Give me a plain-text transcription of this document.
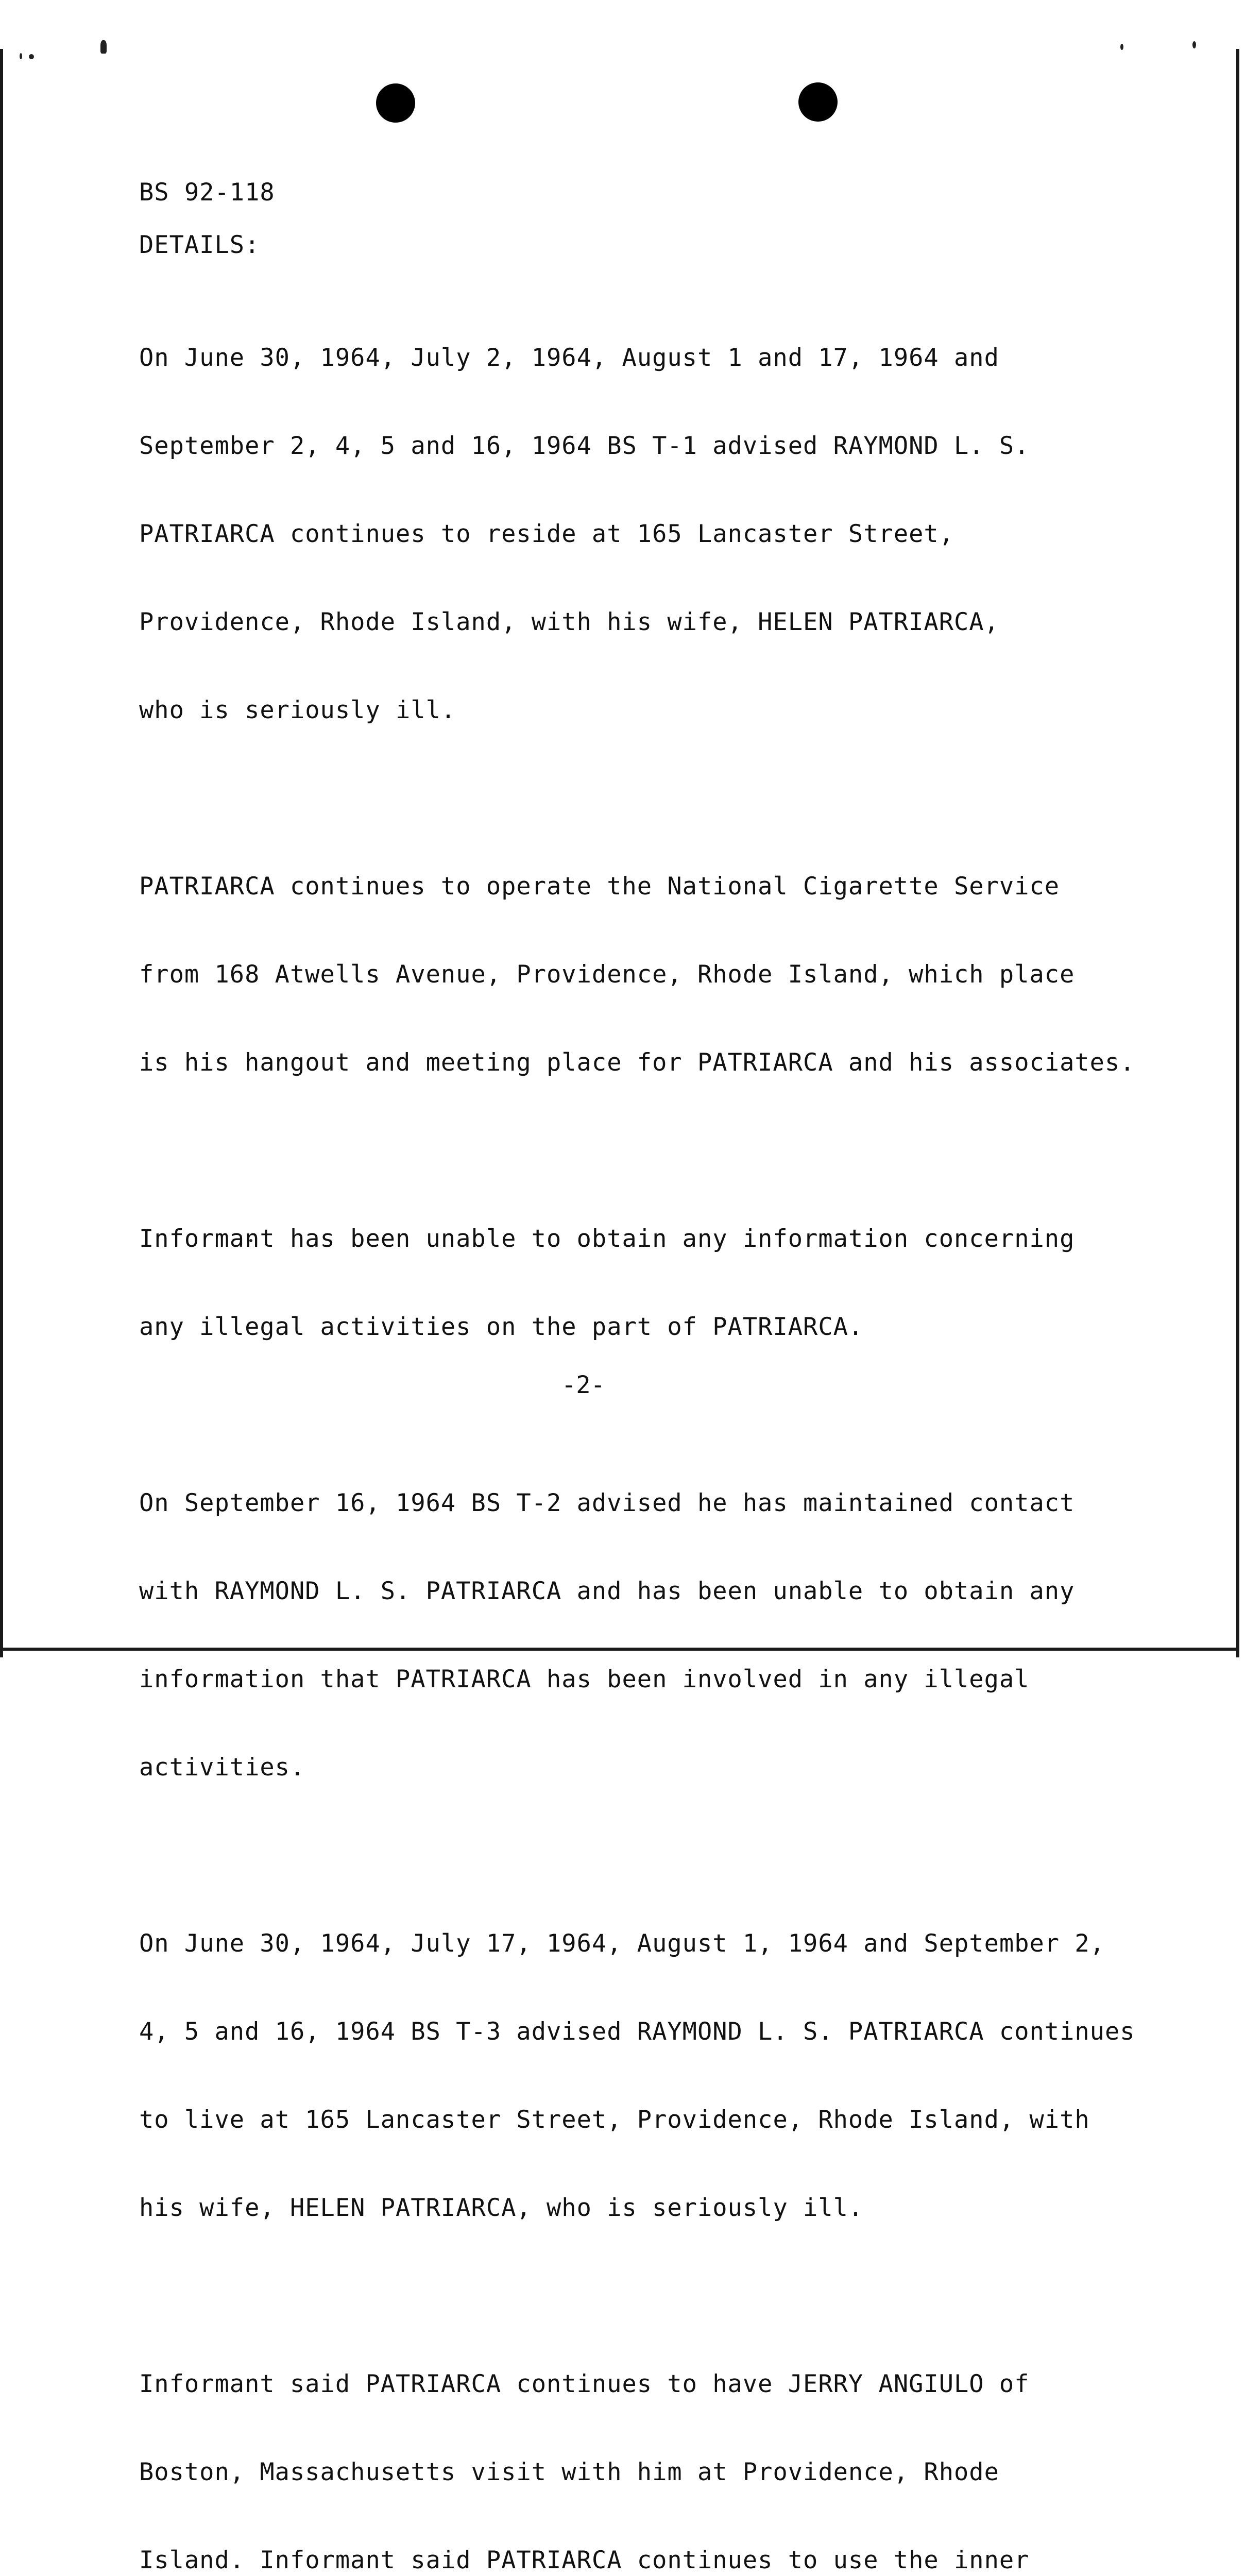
BS 92-118
DETAILS:

On June 30, 1964, July 2, 1964, August 1 and 17, 1964 and

September 2, 4, 5 and 16, 1964 BS T-1 advised RAYMOND L. S.

PATRIARCA continues to reside at 165 Lancaster Street,

Providence, Rhode Island, with his wife, HELEN PATRIARCA,

who is seriously ill.

PATRIARCA continues to operate the National Cigarette Service

from 168 Atwells Avenue, Providence, Rhode Island, which place

is his hangout and meeting place for PATRIARCA and his associates.

Informant has been unable to obtain any information concerning

any illegal activities on the part of PATRIARCA.

On September 16, 1964 BS T-2 advised he has maintained contact

with RAYMOND L. S. PATRIARCA and has been unable to obtain any

information that PATRIARCA has been involved in any illegal

activities.

On June 30, 1964, July 17, 1964, August 1, 1964 and September 2,

4, 5 and 16, 1964 BS T-3 advised RAYMOND L. S. PATRIARCA continues

to live at 165 Lancaster Street, Providence, Rhode Island, with

his wife, HELEN PATRIARCA, who is seriously ill.

Informant said PATRIARCA continues to have JERRY ANGIULO of

Boston, Massachusetts visit with him at Providence, Rhode

Island. Informant said PATRIARCA continues to use the inner

-2-
